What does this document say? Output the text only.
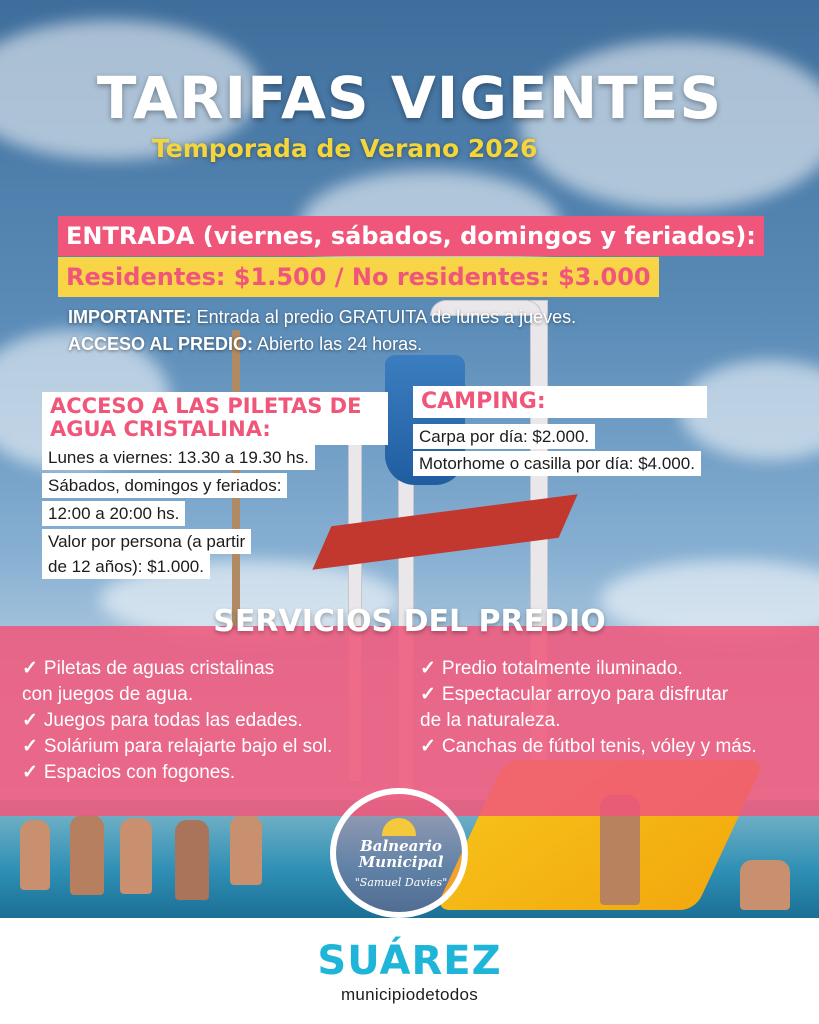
TARIFAS VIGENTES

Temporada de Verano 2026

ENTRADA (viernes, sábados, domingos y feriados):
Residentes: $1.500 / No residentes: $3.000
IMPORTANTE: Entrada al predio GRATUITA de lunes a jueves.
ACCESO AL PREDIO: Abierto las 24 horas.
ACCESO A LAS PILETAS DE AGUA CRISTALINA:
Lunes a viernes: 13.30 a 19.30 hs.
Sábados, domingos y feriados:
12:00 a 20:00 hs.
Valor por persona (a partir
de 12 años): $1.000.
CAMPING:
Carpa por día: $2.000.
Motorhome o casilla por día: $4.000.
SERVICIOS DEL PREDIO
✓ Piletas de aguas cristalinas
con juegos de agua.
✓ Juegos para todas las edades.
✓ Solárium para relajarte bajo el sol.
✓ Espacios con fogones.
✓ Predio totalmente iluminado.
✓ Espectacular arroyo para disfrutar
de la naturaleza.
✓ Canchas de fútbol tenis, vóley y más.
Balneario
Municipal
"Samuel Davies"
SUÁREZ
municipiodetodos
